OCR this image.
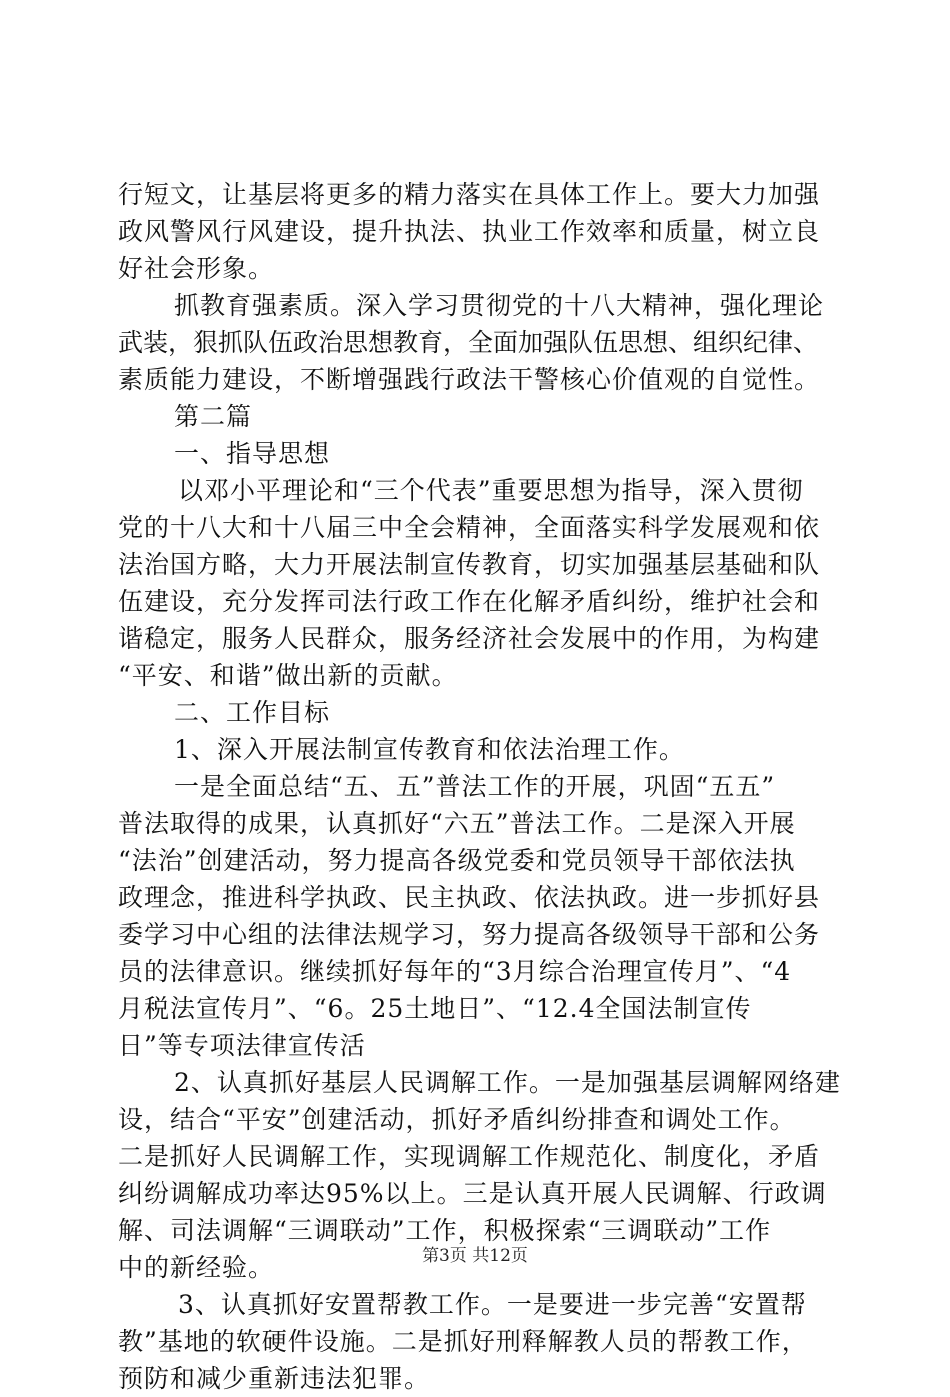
行短文，让基层将更多的精力落实在具体工作上。要大力加强
政风警风行风建设，提升执法、执业工作效率和质量，树立良
好社会形象。
抓教育强素质。深入学习贯彻党的十八大精神，强化理论
武装，狠抓队伍政治思想教育，全面加强队伍思想、组织纪律、
素质能力建设，不断增强践行政法干警核心价值观的自觉性。
第二篇
一、指导思想
以邓小平理论和“三个代表”重要思想为指导，深入贯彻
党的十八大和十八届三中全会精神，全面落实科学发展观和依
法治国方略，大力开展法制宣传教育，切实加强基层基础和队
伍建设，充分发挥司法行政工作在化解矛盾纠纷，维护社会和
谐稳定，服务人民群众，服务经济社会发展中的作用，为构建
“平安、和谐”做出新的贡献。
二、工作目标
1、深入开展法制宣传教育和依法治理工作。
一是全面总结“五、五”普法工作的开展，巩固“五五”
普法取得的成果，认真抓好“六五”普法工作。二是深入开展
“法治”创建活动，努力提高各级党委和党员领导干部依法执
政理念，推进科学执政、民主执政、依法执政。进一步抓好县
委学习中心组的法律法规学习，努力提高各级领导干部和公务
员的法律意识。继续抓好每年的“3月综合治理宣传月”、“4
月税法宣传月”、“6。25土地日”、“12.4全国法制宣传
日”等专项法律宣传活
2、认真抓好基层人民调解工作。一是加强基层调解网络建
设，结合“平安”创建活动，抓好矛盾纠纷排查和调处工作。
二是抓好人民调解工作，实现调解工作规范化、制度化，矛盾
纠纷调解成功率达95%以上。三是认真开展人民调解、行政调
解、司法调解“三调联动”工作，积极探索“三调联动”工作
中的新经验。
3、认真抓好安置帮教工作。一是要进一步完善“安置帮
教”基地的软硬件设施。二是抓好刑释解教人员的帮教工作，
预防和减少重新违法犯罪。
第3页 共12页
